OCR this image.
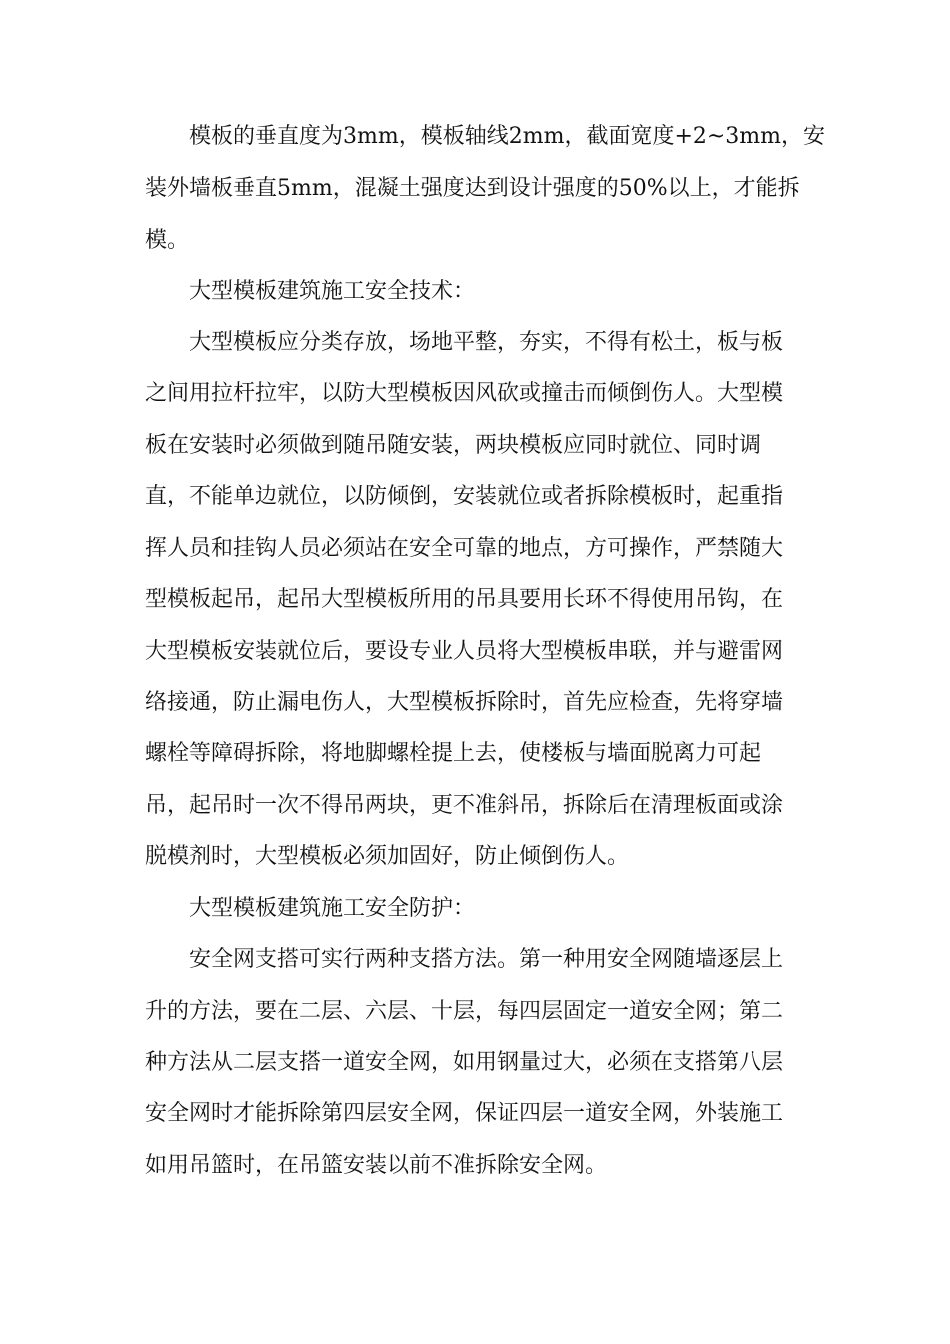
模板的垂直度为3mm，模板轴线2mm，截面宽度+2~3mm，安
装外墙板垂直5mm，混凝土强度达到设计强度的50%以上，才能拆
模。
大型模板建筑施工安全技术：
大型模板应分类存放，场地平整，夯实，不得有松土，板与板
之间用拉杆拉牢，以防大型模板因风砍或撞击而倾倒伤人。大型模
板在安装时必须做到随吊随安装，两块模板应同时就位、同时调
直，不能单边就位，以防倾倒，安装就位或者拆除模板时，起重指
挥人员和挂钩人员必须站在安全可靠的地点，方可操作，严禁随大
型模板起吊，起吊大型模板所用的吊具要用长环不得使用吊钩，在
大型模板安装就位后，要设专业人员将大型模板串联，并与避雷网
络接通，防止漏电伤人，大型模板拆除时，首先应检查，先将穿墙
螺栓等障碍拆除，将地脚螺栓提上去，使楼板与墙面脱离力可起
吊，起吊时一次不得吊两块，更不准斜吊，拆除后在清理板面或涂
脱模剂时，大型模板必须加固好，防止倾倒伤人。
大型模板建筑施工安全防护：
安全网支搭可实行两种支搭方法。第一种用安全网随墙逐层上
升的方法，要在二层、六层、十层，每四层固定一道安全网；第二
种方法从二层支搭一道安全网，如用钢量过大，必须在支搭第八层
安全网时才能拆除第四层安全网，保证四层一道安全网，外装施工
如用吊篮时，在吊篮安装以前不准拆除安全网。
